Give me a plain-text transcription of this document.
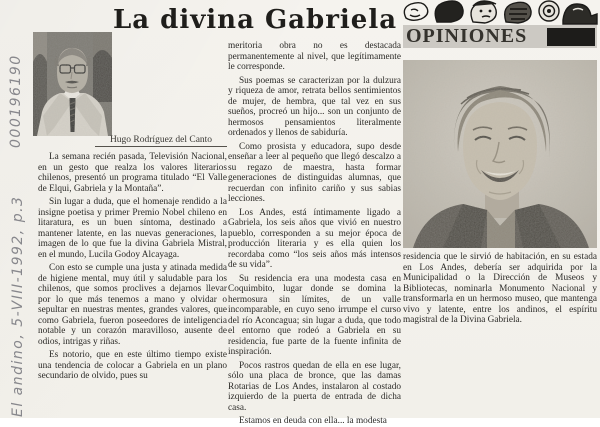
000196190
El andino, 5-VIII-1992, p.3
La divina Gabriela
Hugo Rodríguez del Canto

La semana recién pasada, Televisión Nacional, en un gesto que realza los valores literarios chilenos, presentó un programa titulado “El Valle de Elqui, Gabriela y la Montaña”.

Sin lugar a duda, que el homenaje rendido a la insigne poetisa y primer Premio Nobel chileno en litaratura, es un buen síntoma, destinado a mantener latente, en las nuevas generaciones, la imagen de lo que fue la divina Gabriela Mistral, en el mundo, Lucila Godoy Alcayaga.

Con esto se cumple una justa y atinada medida de higiene mental, muy útil y saludable para los chilenos, que somos proclives a dejarnos llevar por lo que más tenemos a mano y olvidar o sepultar en nuestras mentes, grandes valores, que como Gabriela, fueron poseedores de inteligencia notable y un corazón maravilloso, ausente de odios, intrigas y riñas.

Es notorio, que en este último tiempo existe una tendencia de colocar a Gabriela en un plano secundario de olvido, pues su

meritoria obra no es destacada permanentemente al nivel, que legítimamente le corresponde.

Sus poemas se caracterizan por la dulzura y riqueza de amor, retrata bellos sentimientos de mujer, de hembra, que tal vez en sus sueños, procreó un hijo... son un conjunto de hermosos pensamientos literalmente ordenados y llenos de sabiduría.

Como prosista y educadora, supo desde enseñar a leer al pequeño que llegó descalzo a su regazo de maestra, hasta formar generaciones de distinguidas alumnas, que recuerdan con infinito cariño y sus sabias lecciones.

Los Andes, está íntimamente ligado a Gabriela, los seis años que vivió en nuestro pueblo, corresponden a su mejor época de producción literaria y es ella quien los recordaba como “los seis años más intensos de su vida”.

Su residencia era una modesta casa en Coquimbito, lugar donde se domina la hermosura sin límites, de un valle incomparable, en cuyo seno irrumpe el curso del río Aconcagua; sin lugar a duda, que todo el entorno que rodeó a Gabriela en su residencia, fue parte de la fuente infinita de inspiración.

Pocos rastros quedan de ella en ese lugar, sólo una placa de bronce, que las damas Rotarias de Los Andes, instalaron al costado izquierdo de la puerta de entrada de dicha casa.

Estamos en deuda con ella... la modesta

OPINIONES

residencia que le sirvió de habitación, en su estada en Los Andes, debería ser adquirida por la Municipalidad o la Dirección de Museos y Bibliotecas, nominarla Monumento Nacional y transformarla en un hermoso museo, que mantenga vivo y latente, entre los andinos, el espíritu magistral de la Divina Gabriela.
